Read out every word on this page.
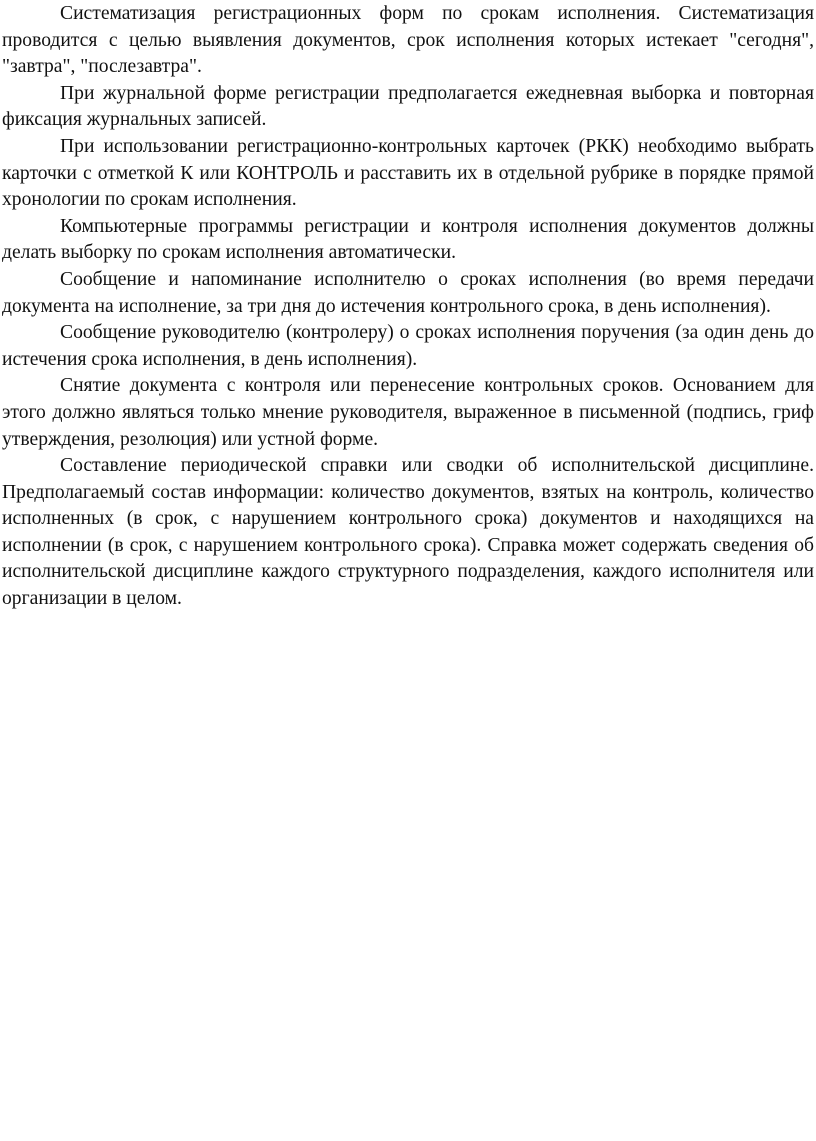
Систематизация регистрационных форм по срокам исполнения. Систематизация проводится с целью выявления документов, срок исполнения которых истекает "сегодня", "завтра", "послезавтра".

При журнальной форме регистрации предполагается ежедневная выборка и повторная фиксация журнальных записей.

При использовании регистрационно-контрольных карточек (РКК) необходимо выбрать карточки с отметкой К или КОНТРОЛЬ и расставить их в отдельной рубрике в порядке прямой хронологии по срокам исполнения.

Компьютерные программы регистрации и контроля исполнения документов должны делать выборку по срокам исполнения автоматически.

Сообщение и напоминание исполнителю о сроках исполнения (во время передачи документа на исполнение, за три дня до истечения контрольного срока, в день исполнения).

Сообщение руководителю (контролеру) о сроках исполнения поручения (за один день до истечения срока исполнения, в день исполнения).

Снятие документа с контроля или перенесение контрольных сроков. Основанием для этого должно являться только мнение руководителя, выраженное в письменной (подпись, гриф утверждения, резолюция) или устной форме.

Составление периодической справки или сводки об исполнительской дисциплине. Предполагаемый состав информации: количество документов, взятых на контроль, количество исполненных (в срок, с нарушением контрольного срока) документов и находящихся на исполнении (в срок, с нарушением контрольного срока). Справка может содержать сведения об исполнительской дисциплине каждого структурного подразделения, каждого исполнителя или организации в целом.
